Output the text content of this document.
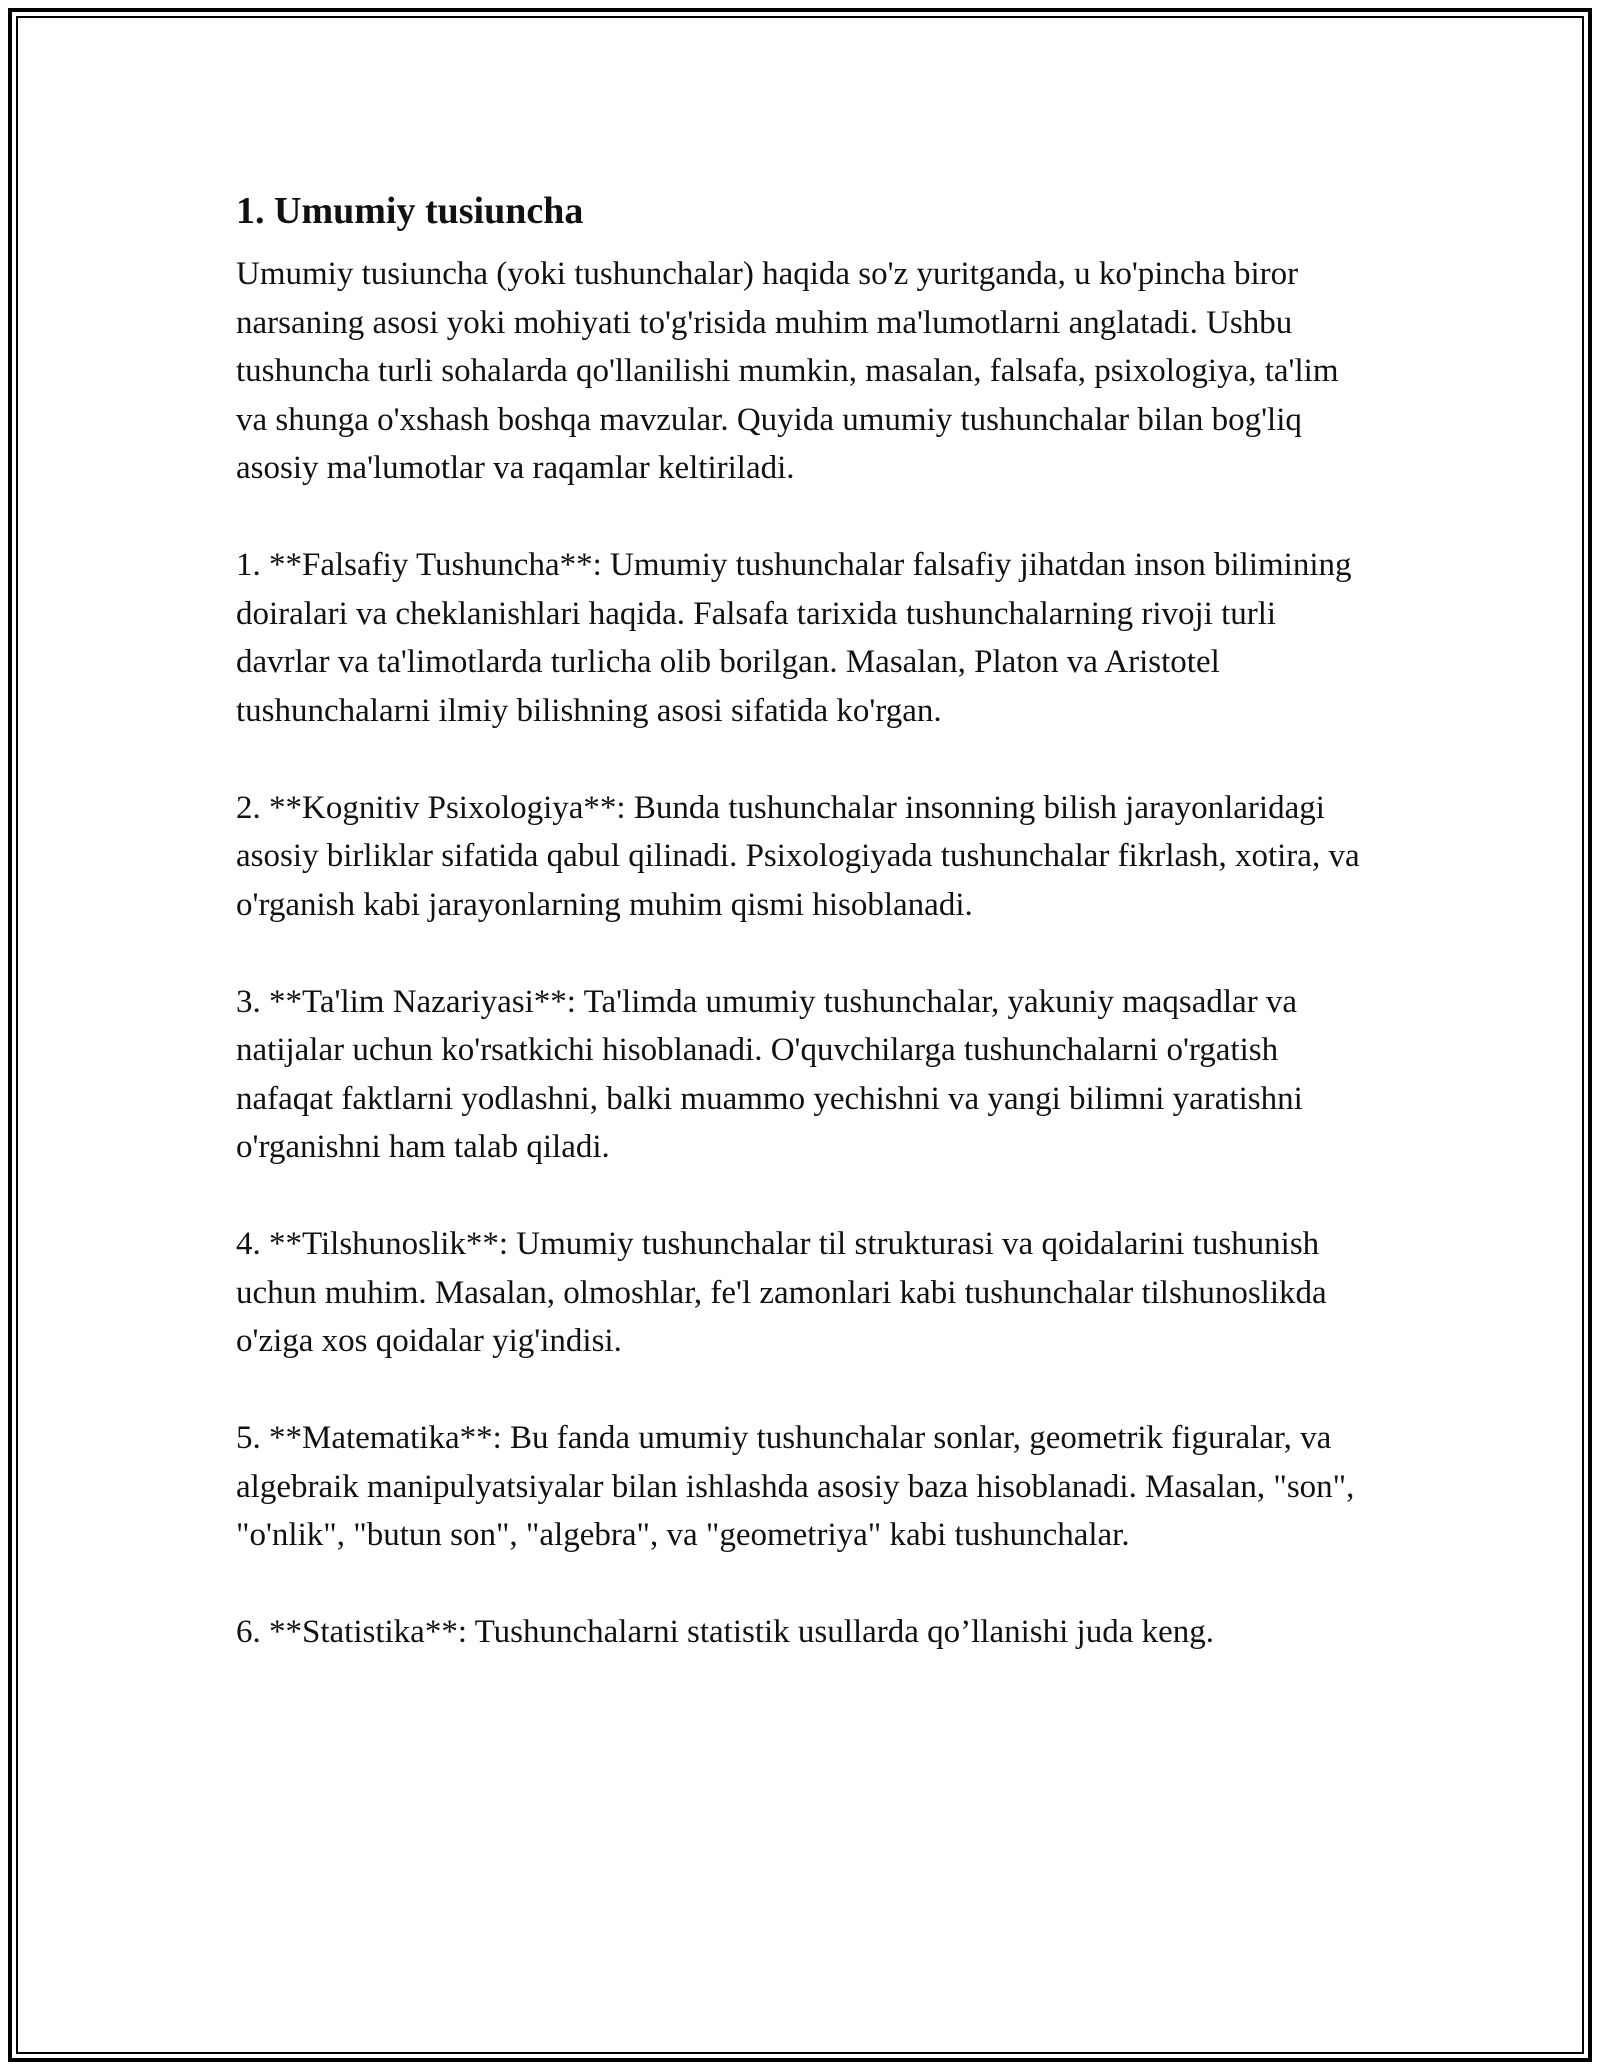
1. Umumiy tusiuncha

Umumiy tusiuncha (yoki tushunchalar) haqida so'z yuritganda, u ko'pincha biror narsaning asosi yoki mohiyati to'g'risida muhim ma'lumotlarni anglatadi. Ushbu tushuncha turli sohalarda qo'llanilishi mumkin, masalan, falsafa, psixologiya, ta'lim va shunga o'xshash boshqa mavzular. Quyida umumiy tushunchalar bilan bog'liq asosiy ma'lumotlar va raqamlar keltiriladi.

1. **Falsafiy Tushuncha**: Umumiy tushunchalar falsafiy jihatdan inson bilimining doiralari va cheklanishlari haqida. Falsafa tarixida tushunchalarning rivoji turli davrlar va ta'limotlarda turlicha olib borilgan. Masalan, Platon va Aristotel tushunchalarni ilmiy bilishning asosi sifatida ko'rgan.

2. **Kognitiv Psixologiya**: Bunda tushunchalar insonning bilish jarayonlaridagi asosiy birliklar sifatida qabul qilinadi. Psixologiyada tushunchalar fikrlash, xotira, va o'rganish kabi jarayonlarning muhim qismi hisoblanadi.

3. **Ta'lim Nazariyasi**: Ta'limda umumiy tushunchalar, yakuniy maqsadlar va natijalar uchun ko'rsatkichi hisoblanadi. O'quvchilarga tushunchalarni o'rgatish nafaqat faktlarni yodlashni, balki muammo yechishni va yangi bilimni yaratishni o'rganishni ham talab qiladi.

4. **Tilshunoslik**: Umumiy tushunchalar til strukturasi va qoidalarini tushunish uchun muhim. Masalan, olmoshlar, fe'l zamonlari kabi tushunchalar tilshunoslikda o'ziga xos qoidalar yig'indisi.

5. **Matematika**: Bu fanda umumiy tushunchalar sonlar, geometrik figuralar, va algebraik manipulyatsiyalar bilan ishlashda asosiy baza hisoblanadi. Masalan, "son", "o'nlik", "butun son", "algebra", va "geometriya" kabi tushunchalar.

6. **Statistika**: Tushunchalarni statistik usullarda qo’llanishi juda keng.
